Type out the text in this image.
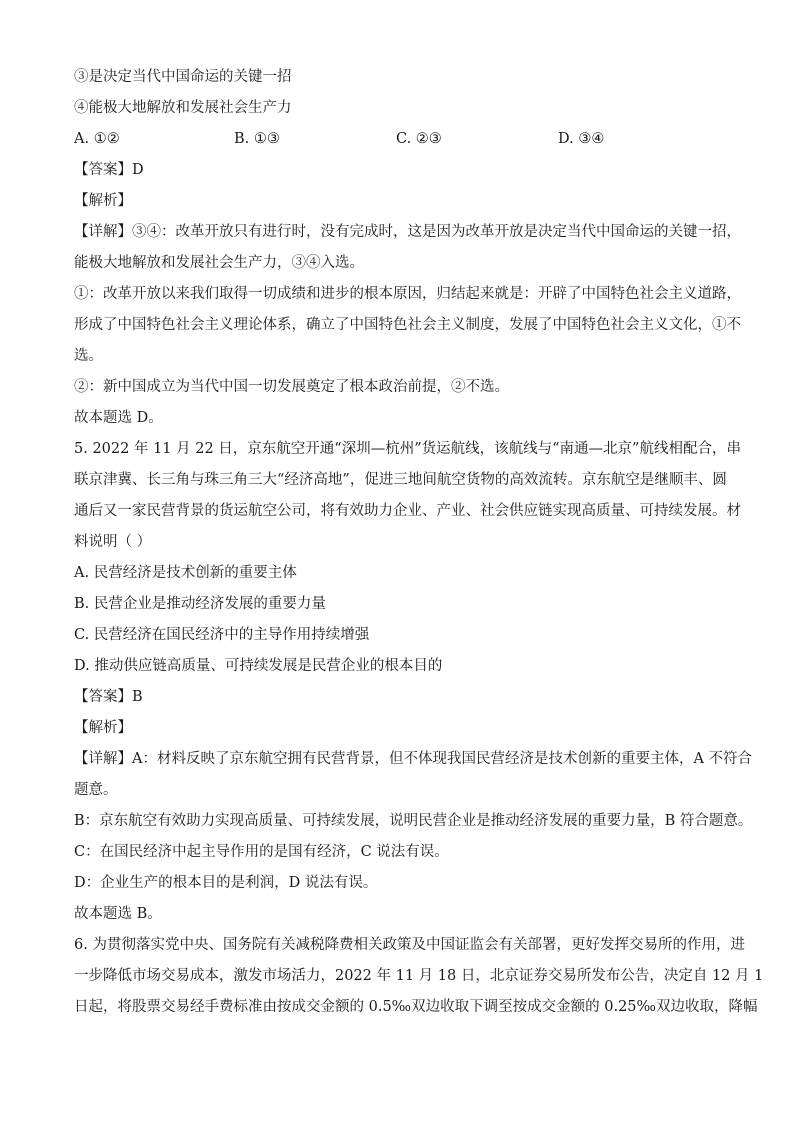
③是决定当代中国命运的关键一招

④能极大地解放和发展社会生产力

A. ①②	B. ①③	C. ②③	D. ③④

【答案】D

【解析】

【详解】③④：改革开放只有进行时，没有完成时，这是因为改革开放是决定当代中国命运的关键一招，

能极大地解放和发展社会生产力，③④入选。

①：改革开放以来我们取得一切成绩和进步的根本原因，归结起来就是：开辟了中国特色社会主义道路，

形成了中国特色社会主义理论体系，确立了中国特色社会主义制度，发展了中国特色社会主义文化，①不

选。

②：新中国成立为当代中国一切发展奠定了根本政治前提，②不选。

故本题选 D。

5. 2022 年 11 月 22 日，京东航空开通“深圳—杭州”货运航线，该航线与“南通—北京”航线相配合，串

联京津冀、长三角与珠三角三大“经济高地”，促进三地间航空货物的高效流转。京东航空是继顺丰、圆

通后又一家民营背景的货运航空公司，将有效助力企业、产业、社会供应链实现高质量、可持续发展。材

料说明（ ）

A. 民营经济是技术创新的重要主体

B. 民营企业是推动经济发展的重要力量

C. 民营经济在国民经济中的主导作用持续增强

D. 推动供应链高质量、可持续发展是民营企业的根本目的

【答案】B

【解析】

【详解】A：材料反映了京东航空拥有民营背景，但不体现我国民营经济是技术创新的重要主体，A 不符合

题意。

B：京东航空有效助力实现高质量、可持续发展，说明民营企业是推动经济发展的重要力量，B 符合题意。

C：在国民经济中起主导作用的是国有经济，C 说法有误。

D：企业生产的根本目的是利润，D 说法有误。

故本题选 B。

6. 为贯彻落实党中央、国务院有关减税降费相关政策及中国证监会有关部署，更好发挥交易所的作用，进

一步降低市场交易成本，激发市场活力，2022 年 11 月 18 日，北京证券交易所发布公告，决定自 12 月 1

日起，将股票交易经手费标准由按成交金额的 0.5‰双边收取下调至按成交金额的 0.25‰双边收取，降幅
